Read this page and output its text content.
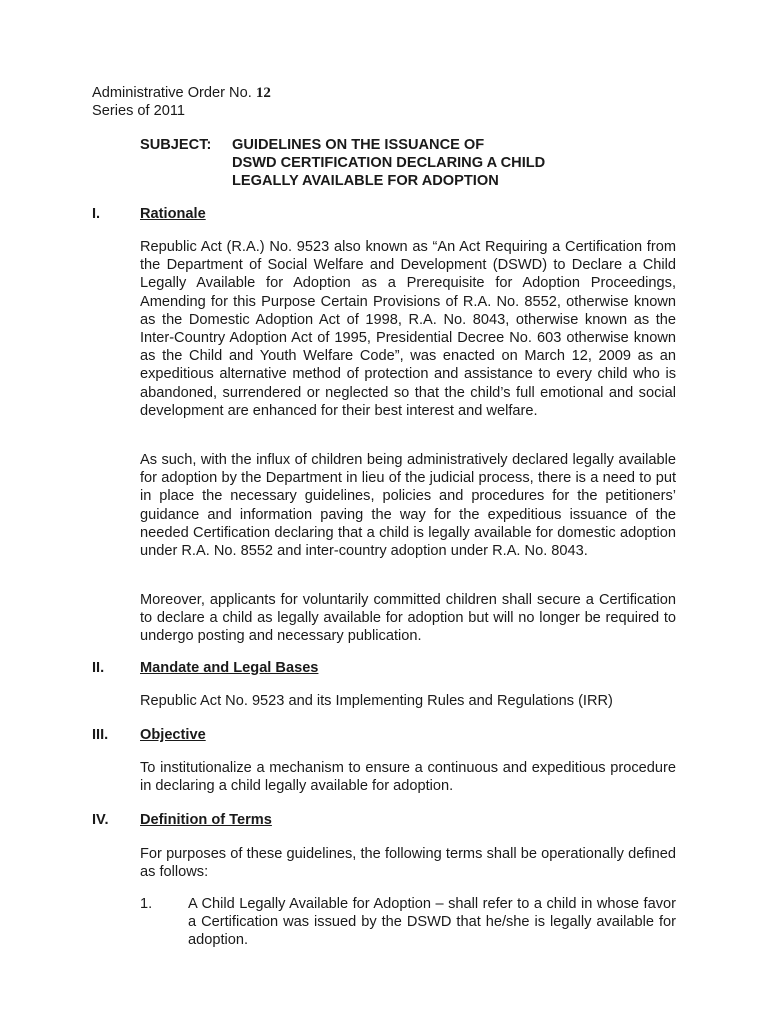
Administrative Order No. 12
Series of 2011
SUBJECT:	GUIDELINES ON THE ISSUANCE OF
DSWD CERTIFICATION DECLARING A CHILD
LEGALLY AVAILABLE FOR ADOPTION
I.	Rationale

Republic Act (R.A.) No. 9523 also known as “An Act Requiring a Certification from the Department of Social Welfare and Development (DSWD) to Declare a Child Legally Available for Adoption as a Prerequisite for Adoption Proceedings, Amending for this Purpose Certain Provisions of R.A. No. 8552, otherwise known as the Domestic Adoption Act of 1998, R.A. No. 8043, otherwise known as the Inter-Country Adoption Act of 1995, Presidential Decree No. 603 otherwise known as the Child and Youth Welfare Code”, was enacted on March 12, 2009 as an expeditious alternative method of protection and assistance to every child who is abandoned, surrendered or neglected so that the child’s full emotional and social development are enhanced for their best interest and welfare.

As such, with the influx of children being administratively declared legally available for adoption by the Department in lieu of the judicial process, there is a need to put in place the necessary guidelines, policies and procedures for the petitioners’ guidance and information paving the way for the expeditious issuance of the needed Certification declaring that a child is legally available for domestic adoption under R.A. No. 8552 and inter-country adoption under R.A. No. 8043.

Moreover, applicants for voluntarily committed children shall secure a Certification to declare a child as legally available for adoption but will no longer be required to undergo posting and necessary publication.

II. Mandate and Legal Bases

Republic Act No. 9523 and its Implementing Rules and Regulations (IRR)

III. Objective

To institutionalize a mechanism to ensure a continuous and expeditious procedure in declaring a child legally available for adoption.

IV. Definition of Terms

For purposes of these guidelines, the following terms shall be operationally defined as follows:

1.	A Child Legally Available for Adoption – shall refer to a child in whose favor a Certification was issued by the DSWD that he/she is legally available for adoption.
